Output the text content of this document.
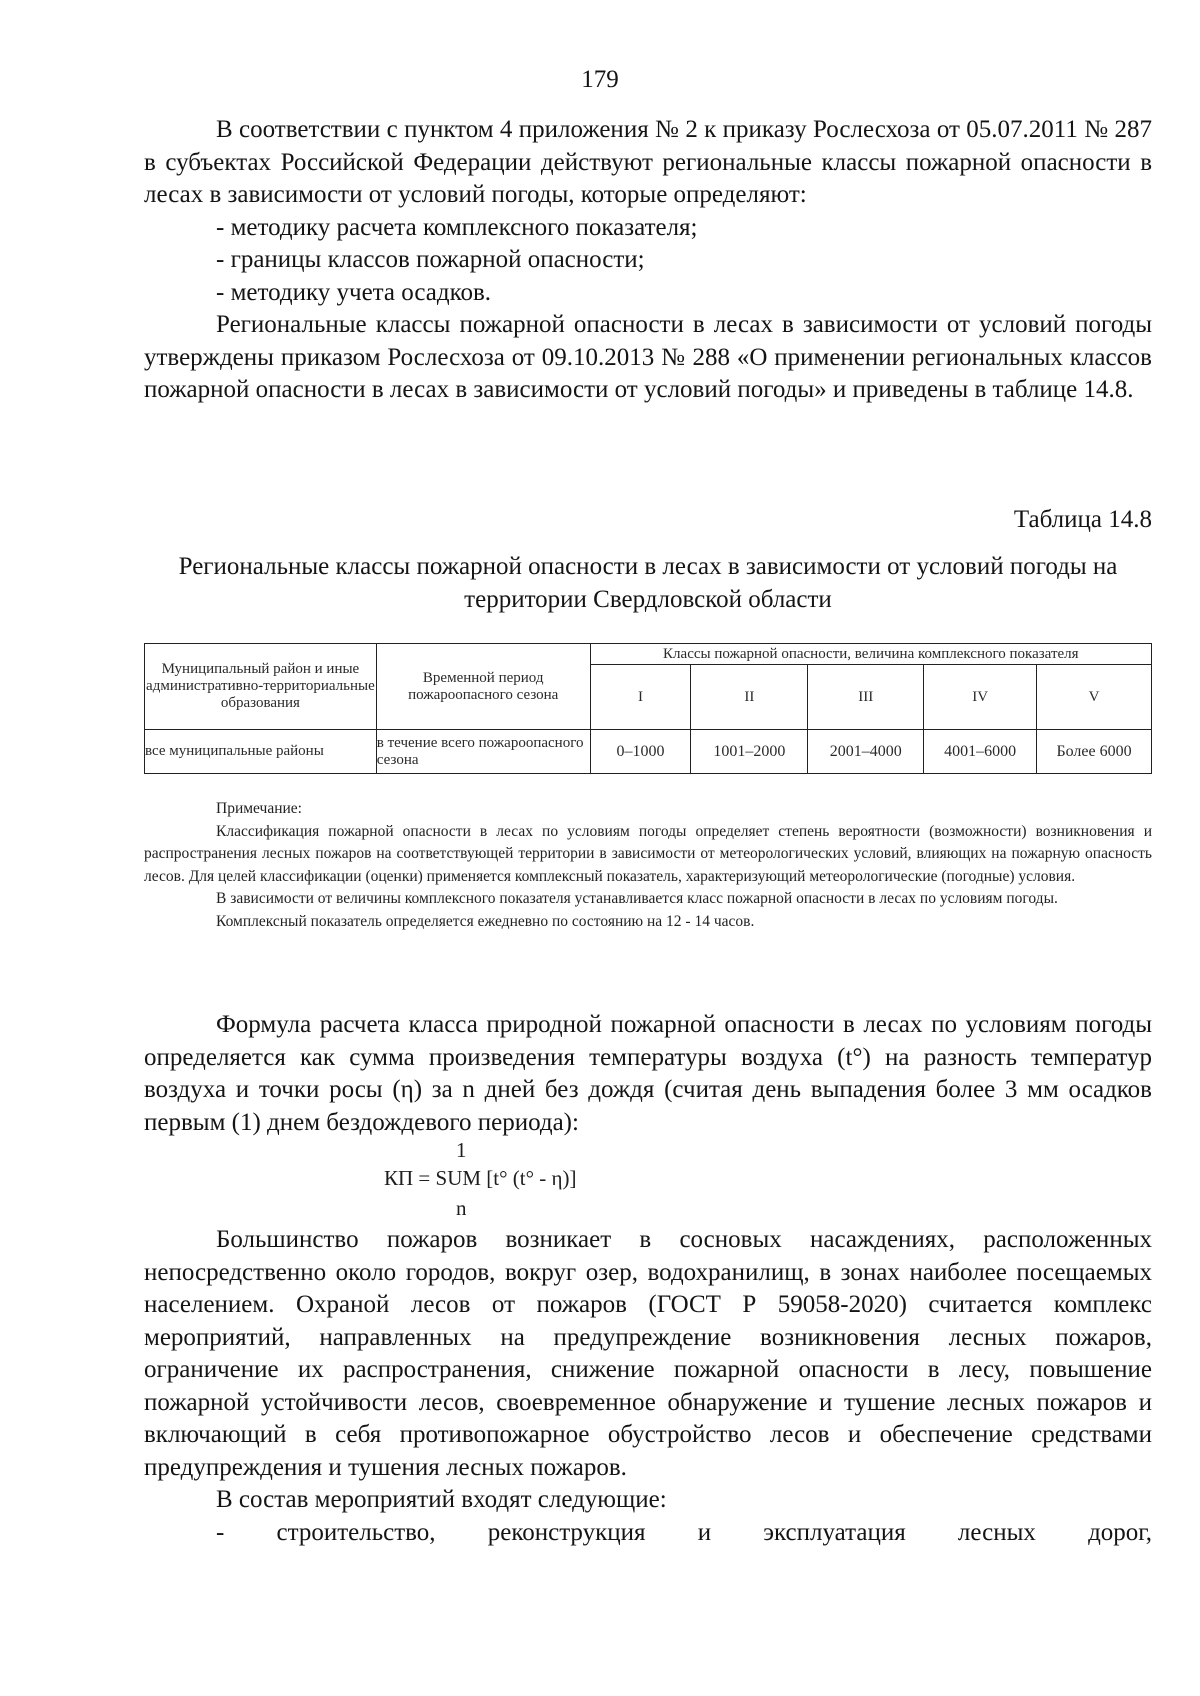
179

В соответствии с пунктом 4 приложения № 2 к приказу Рослесхоза от 05.07.2011 № 287 в субъектах Российской Федерации действуют региональные классы пожарной опасности в лесах в зависимости от условий погоды, которые определяют:

- методику расчета комплексного показателя;

- границы классов пожарной опасности;

- методику учета осадков.

Региональные классы пожарной опасности в лесах в зависимости от условий погоды утверждены приказом Рослесхоза от 09.10.2013 № 288 «О применении региональных классов пожарной опасности в лесах в зависимости от условий погоды» и приведены в таблице 14.8.

Таблица 14.8
Региональные классы пожарной опасности в лесах в зависимости от условий погоды на территории Свердловской области
Муниципальный район и иные административно-территориальные образования	Временной период пожароопасного сезона	Классы пожарной опасности, величина комплексного показателя				
		I	II	III	IV	V
все муниципальные районы	в течение всего пожароопасного сезона	0–1000	1001–2000	2001–4000	4001–6000	Более 6000

Примечание:

Классификация пожарной опасности в лесах по условиям погоды определяет степень вероятности (возможности) возникновения и распространения лесных пожаров на соответствующей территории в зависимости от метеорологических условий, влияющих на пожарную опасность лесов. Для целей классификации (оценки) применяется комплексный показатель, характеризующий метеорологические (погодные) условия.

В зависимости от величины комплексного показателя устанавливается класс пожарной опасности в лесах по условиям погоды.

Комплексный показатель определяется ежедневно по состоянию на 12 - 14 часов.

Формула расчета класса природной пожарной опасности в лесах по условиям погоды определяется как сумма произведения температуры воздуха (t°) на разность температур воздуха и точки росы (η) за n дней без дождя (считая день выпадения более 3 мм осадков первым (1) днем бездождевого периода):

1
КП = SUM [t° (t° - η)]
n

Большинство пожаров возникает в сосновых насаждениях, расположенных непосредственно около городов, вокруг озер, водохранилищ, в зонах наиболее посещаемых населением. Охраной лесов от пожаров (ГОСТ Р 59058-2020) считается комплекс мероприятий, направленных на предупреждение возникновения лесных пожаров, ограничение их распространения, снижение пожарной опасности в лесу, повышение пожарной устойчивости лесов, своевременное обнаружение и тушение лесных пожаров и включающий в себя противопожарное обустройство лесов и обеспечение средствами предупреждения и тушения лесных пожаров.

В состав мероприятий входят следующие:

- строительство, реконструкция и эксплуатация лесных дорог,
